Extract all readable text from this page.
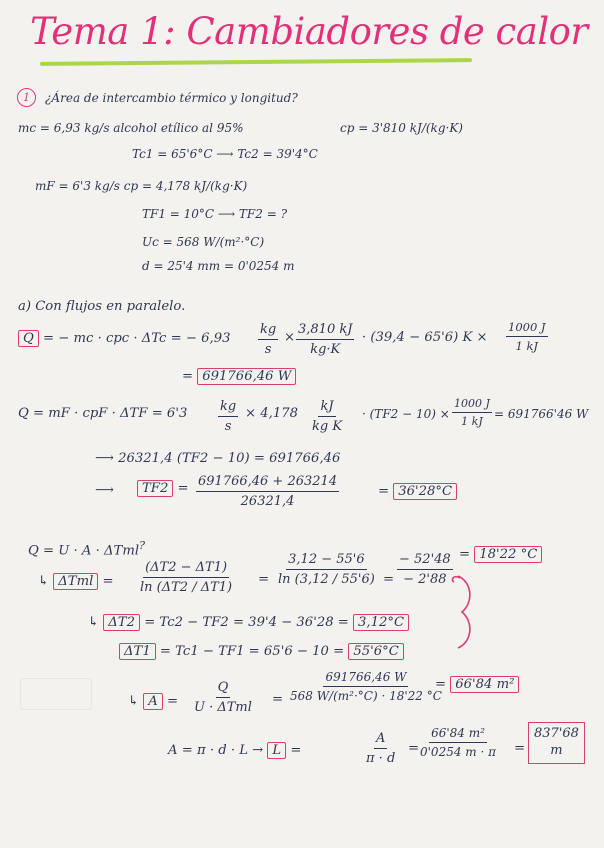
Tema 1: Cambiadores de calor
1	¿Área de intercambio térmico y longitud?
mc = 6,93 kg/s alcohol etílico al 95%	cp = 3'810 kJ/(kg·K)
Tc1 = 65'6°C ⟶ Tc2 = 39'4°C
mF = 6'3 kg/s cp = 4,178 kJ/(kg·K)
TF1 = 10°C ⟶ TF2 = ?
Uc = 568 W/(m²·°C)
d = 25'4 mm = 0'0254 m
a) Con flujos en paralelo.
Q = − mc · cpc · ΔTc = − $6,93 \frac{kg}{s} \times \frac{3,810 kJ}{kg\cdot K} \cdot (39,4 - 65'6) K \times \frac{1000 J}{1 kJ}$
= 691766,46 W
Q = mF · cpF · $\Delta TF = 6'3 \frac{kg}{s} \times 4,178 \frac{kJ}{\text{kg K}} \cdot (TF2 - 10) \times \frac{1000 J}{1 kJ} = 691766'46$ W
⟶ 26321,4 (TF2 − 10) = 691766,46
⟶	$TF2 = \frac{691766,46 + 263214}{26321,4}$	= 36'28°C
Q = U · A · ΔTml?
↳ $\Delta Tml = \frac{(\Delta T2 - \Delta T1)}{\ln (\Delta T2 / \Delta T1)} = \frac{3,12 - 55'6}{\ln (3,12 / 55'6)} = \frac{- 52'48}{- 2'88} = 18'22$ °C
↳ ΔT2 = Tc2 − TF2 = 39'4 − 36'28 = 3,12°C
ΔT1 = Tc1 − TF1 = 65'6 − 10 = 55'6°C
↳ A =
Q
U · ΔTml
= $\frac{691766,46 W}{\text{568 W/(m²·°C) · 18'22 °C}}$
= 66'84 m²
A = π · d · L → L =	$\frac{A}{\pi \cdot d} = \frac{\text{66'84 m²}}{0'0254 m \cdot \pi}$ =
837'68
m
